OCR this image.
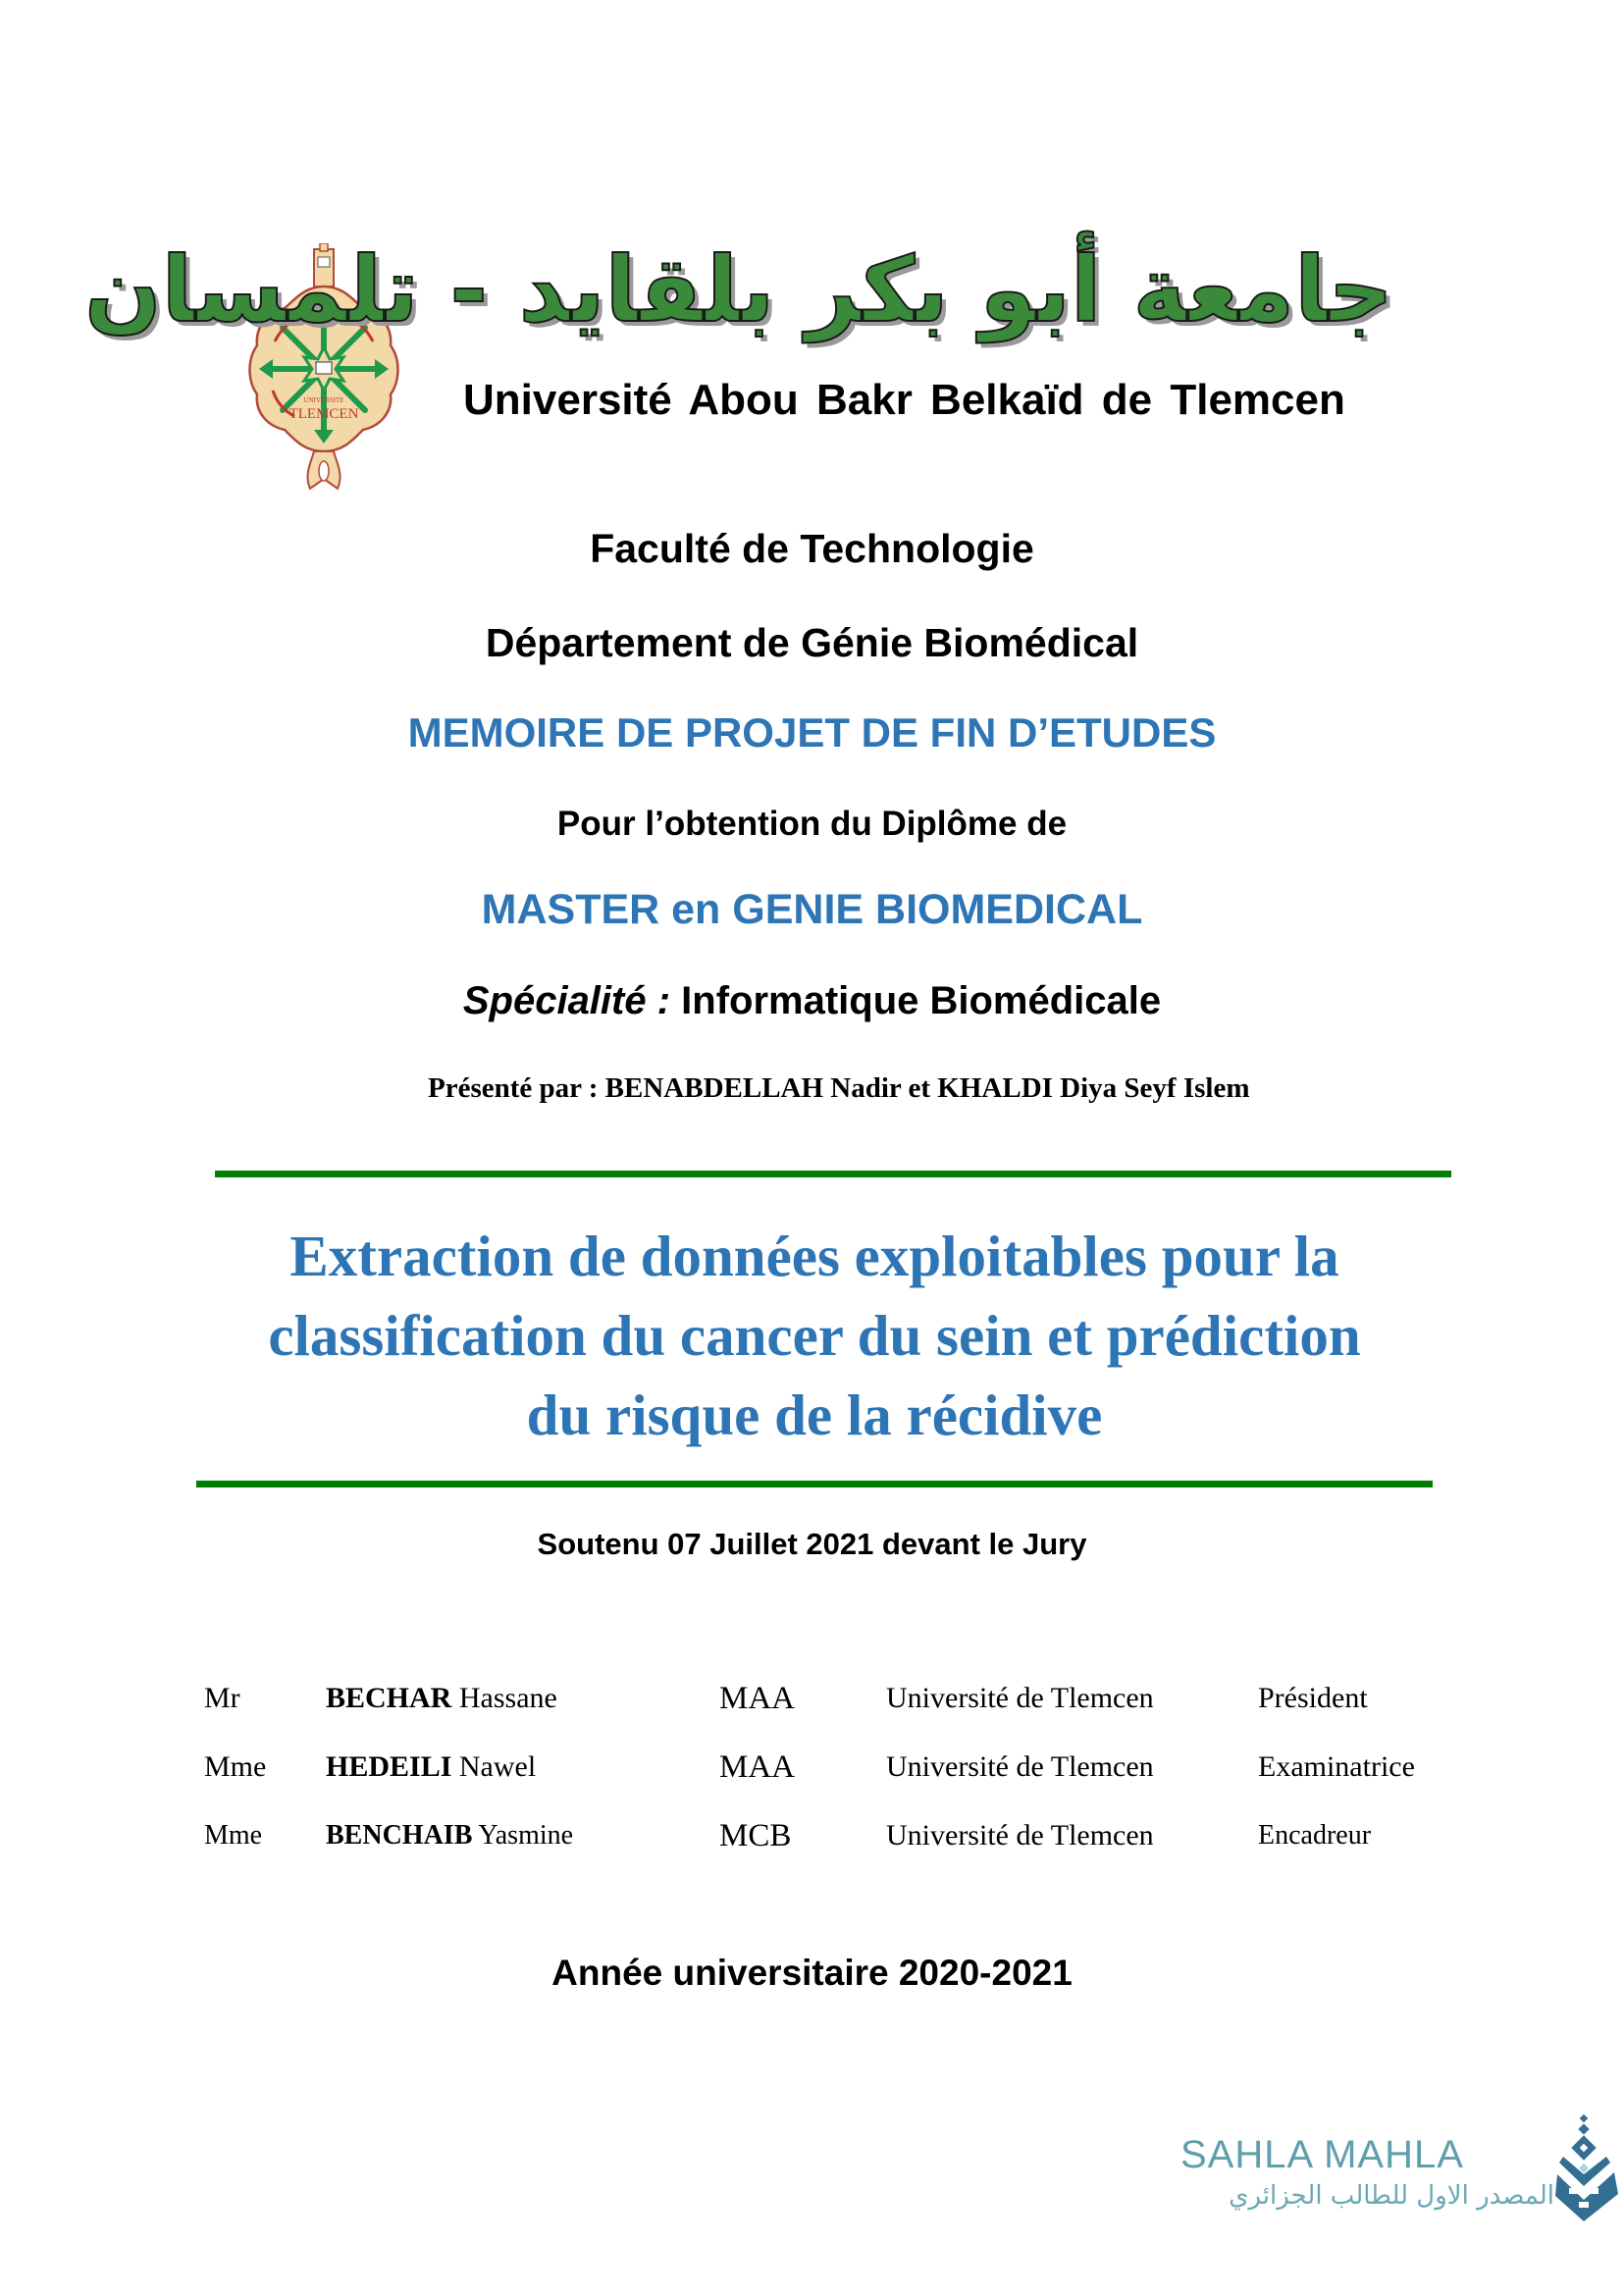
TLEMCEN
UNIVERSITE
جامعة أبو بكر بلقايد - تلمسان
Université Abou Bakr Belkaïd de Tlemcen
Faculté de Technologie
Département de Génie Biomédical
MEMOIRE DE PROJET DE FIN D’ETUDES
Pour l’obtention du Diplôme de
MASTER en GENIE BIOMEDICAL
Spécialité : Informatique Biomédicale
Présenté par : BENABDELLAH Nadir et KHALDI Diya Seyf Islem
Extraction de données exploitables pour la
classification du cancer du sein et prédiction
du risque de la récidive
Soutenu 07 Juillet 2021 devant le Jury
Mr	BECHAR Hassane	MAA	Université de Tlemcen	Président
Mme HEDEILI Nawel	MAA	Université de Tlemcen	Examinatrice
Mme BENCHAIB Yasmine	MCB	Université de Tlemcen	Encadreur
Année universitaire 2020-2021
SAHLA MAHLA
المصدر الاول للطالب الجزائري
